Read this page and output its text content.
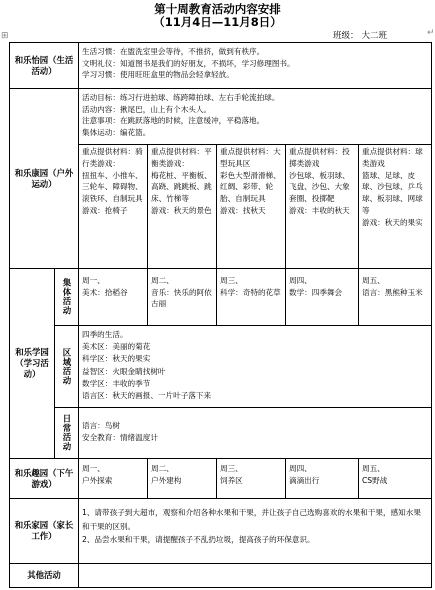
第十周教育活动内容安排
（11月4日—11月8日）
班级： 大二班
⊞	↵
和乐怡园（生活活动）
生活习惯：在盥洗室里会等待，不推挤，做到有秩序。
文明礼仪：知道图书是我们的好朋友，不损坏，学习修理图书。
学习习惯：使用旺旺盒里的物品会轻拿轻放。
和乐康园（户外运动）
活动目标：练习行进拍球、练跨障拍球、左右手轮流拍球。
活动内容：揪尾巴，山上有个木头人。
注意事项：在跳跃落地的时候，注意缓冲，平稳落地。
集体运动：编花篮。
重点提供材料：骑行类游戏：
扭扭车、小推车、三轮车、障碍物、滚铁环、自制玩具
游戏：抢椅子
重点提供材料：平衡类游戏：
梅花桩、平衡板、高跷、跳跳板、跳床、竹梯等
游戏：秋天的景色
重点提供材料：大型玩具区
彩色大型滑滑梯、红绸、彩带、轮胎、自制玩具
游戏：找秋天
重点提供材料：投掷类游戏
沙包球、板羽球、飞盘、沙包、大象套圈、投掷靶
游戏：丰收的秋天
重点提供材料：球类游戏
篮球、足球、皮球、沙包球、乒乓球、板羽球、网球等
游戏：秋天的果实
和乐学园（学习活动）
集体活动 周一、
美术：拾稻谷
周二、
音乐：快乐的阿依古丽
周三、
科学：奇特的花草
周四、
数学：四季舞会
周五、
语言：黑熊种玉米
区域活动
四季的生活。
美术区：美丽的菊花
科学区：秋天的果实
益智区：火眼金睛找树叶
数学区：丰收的季节
语言区：秋天的画报、一片叶子落下来
日常活动 语言：鸟树
安全教育：情绪温度计
和乐趣园（下午游戏）
周一、
户外探索
周二、
户外建构
周三、
饲养区
周四、
滴滴出行
周五、
CS野战
和乐家园（家长工作）
1、请带孩子到大超市，观察和介绍各种水果和干果，并让孩子自己选购喜欢的水果和干果，感知水果和干果的区别。
2、品尝水果和干果，请提醒孩子不乱扔垃圾，提高孩子的环保意识。
其他活动
